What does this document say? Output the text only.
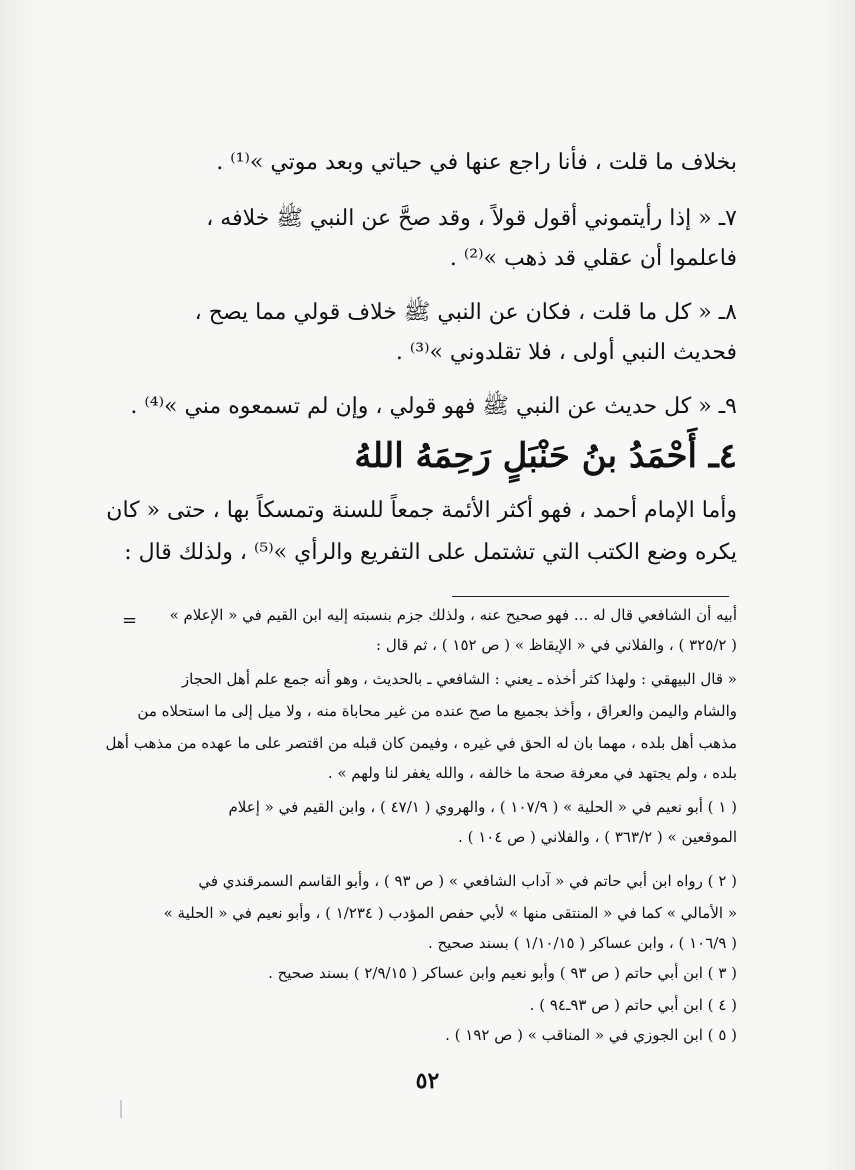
بخلاف ما قلت ، فأنا راجع عنها في حياتي وبعد موتي »⁽¹⁾ .
٧ـ « إذا رأيتموني أقول قولاً ، وقد صحَّ عن النبي ﷺ خلافه ،
فاعلموا أن عقلي قد ذهب »⁽²⁾ .
٨ـ « كل ما قلت ، فكان عن النبي ﷺ خلاف قولي مما يصح ،
فحديث النبي أولى ، فلا تقلدوني »⁽³⁾ .
٩ـ « كل حديث عن النبي ﷺ فهو قولي ، وإن لم تسمعوه مني »⁽⁴⁾ .
٤ـ أَحْمَدُ بنُ حَنْبَلٍ رَحِمَهُ اللهُ
وأما الإمام أحمد ، فهو أكثر الأئمة جمعاً للسنة وتمسكاً بها ، حتى « كان
يكره وضع الكتب التي تشتمل على التفريع والرأي »⁽⁵⁾ ، ولذلك قال :
=	أبيه أن الشافعي قال له ... فهو صحيح عنه ، ولذلك جزم بنسبته إليه ابن القيم في « الإعلام »
( ٣٢٥/٢ ) ، والفلاني في « الإيقاظ » ( ص ١٥٢ ) ، ثم قال :
« قال البيهقي : ولهذا كثر أخذه ـ يعني : الشافعي ـ بالحديث ، وهو أنه جمع علم أهل الحجاز
والشام واليمن والعراق ، وأخذ بجميع ما صح عنده من غير محاباة منه ، ولا ميل إلى ما استحلاه من
مذهب أهل بلده ، مهما بان له الحق في غيره ، وفيمن كان قبله من اقتصر على ما عهده من مذهب أهل
بلده ، ولم يجتهد في معرفة صحة ما خالفه ، والله يغفر لنا ولهم » .
( ١ ) أبو نعيم في « الحلية » ( ١٠٧/٩ ) ، والهروي ( ٤٧/١ ) ، وابن القيم في « إعلام
الموقعين » ( ٣٦٣/٢ ) ، والفلاني ( ص ١٠٤ ) .
( ٢ ) رواه ابن أبي حاتم في « آداب الشافعي » ( ص ٩٣ ) ، وأبو القاسم السمرقندي في
« الأمالي » كما في « المنتقى منها » لأبي حفص المؤدب ( ١/٢٣٤ ) ، وأبو نعيم في « الحلية »
( ١٠٦/٩ ) ، وابن عساكر ( ١/١٠/١٥ ) بسند صحيح .
( ٣ ) ابن أبي حاتم ( ص ٩٣ ) وأبو نعيم وابن عساكر ( ٢/٩/١٥ ) بسند صحيح .
( ٤ ) ابن أبي حاتم ( ص ٩٣ـ٩٤ ) .
( ٥ ) ابن الجوزي في « المناقب » ( ص ١٩٢ ) .
٥٢
